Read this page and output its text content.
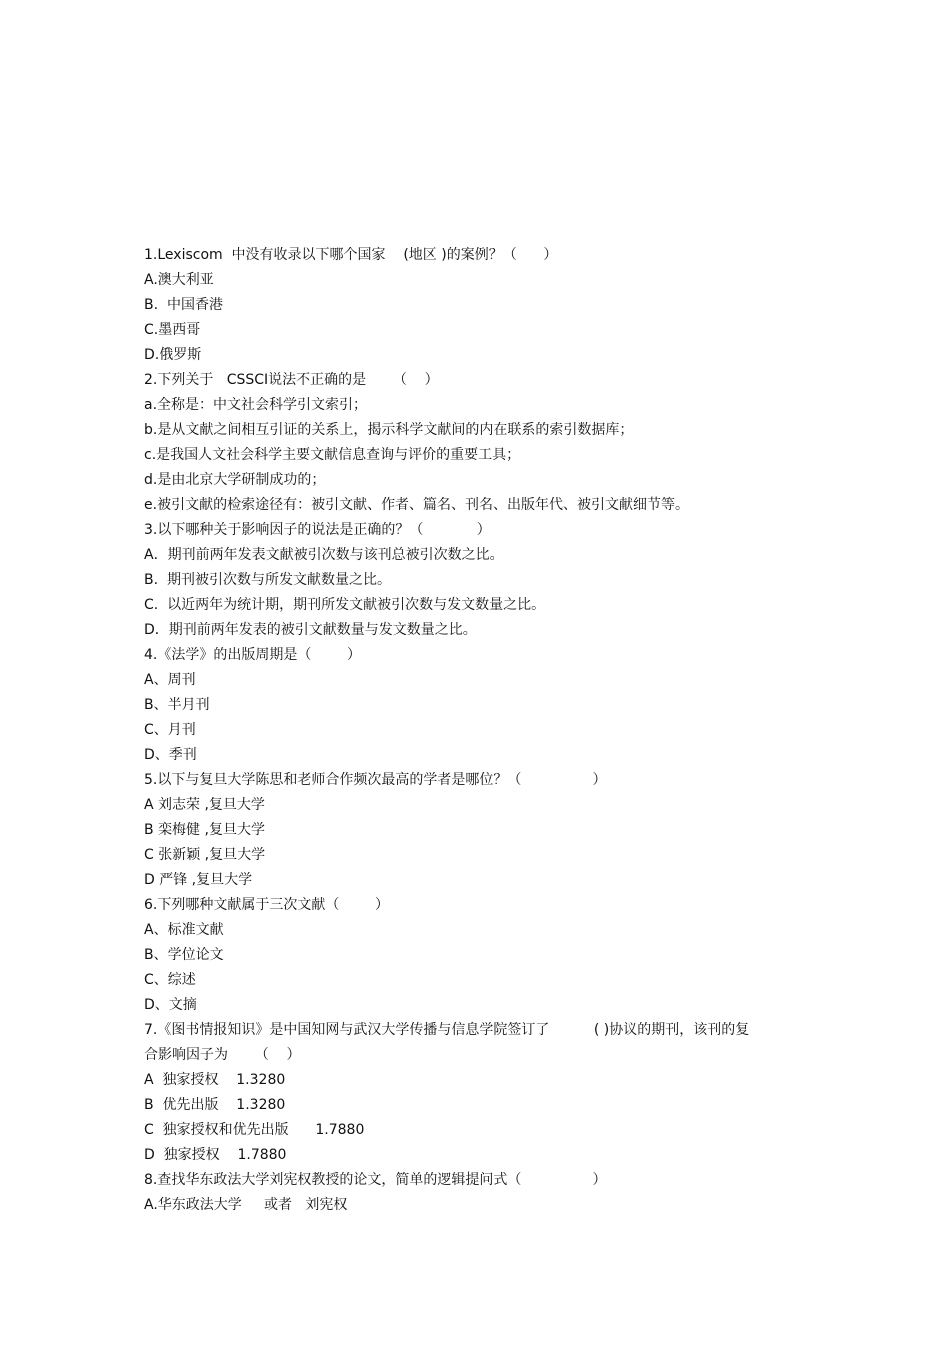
1.Lexiscom  中没有收录以下哪个国家    (地区 )的案例？（      ）
A.澳大利亚
B.  中国香港
C.墨西哥
D.俄罗斯
2.下列关于   CSSCI说法不正确的是      （    ）
a.全称是：中文社会科学引文索引；
b.是从文献之间相互引证的关系上，揭示科学文献间的内在联系的索引数据库；
c.是我国人文社会科学主要文献信息查询与评价的重要工具；
d.是由北京大学研制成功的；
e.被引文献的检索途径有：被引文献、作者、篇名、刊名、出版年代、被引文献细节等。
3.以下哪种关于影响因子的说法是正确的？（            ）
A．期刊前两年发表文献被引次数与该刊总被引次数之比。
B.  期刊被引次数与所发文献数量之比。
C.  以近两年为统计期，期刊所发文献被引次数与发文数量之比。
D．期刊前两年发表的被引文献数量与发文数量之比。
4.《法学》的出版周期是（        ）
A、周刊
B、半月刊
C、月刊
D、季刊
5.以下与复旦大学陈思和老师合作频次最高的学者是哪位？（                ）
A 刘志荣 ,复旦大学
B 栾梅健 ,复旦大学
C 张新颖 ,复旦大学
D 严锋 ,复旦大学
6.下列哪种文献属于三次文献（        ）
A、标准文献
B、学位论文
C、综述
D、文摘
7.《图书情报知识》是中国知网与武汉大学传播与信息学院签订了          ( )协议的期刊，该刊的复
合影响因子为      （    ）
A  独家授权    1.3280
B  优先出版    1.3280
C  独家授权和优先出版      1.7880
D  独家授权    1.7880
8.查找华东政法大学刘宪权教授的论文，简单的逻辑提问式（                ）
A.华东政法大学     或者   刘宪权
